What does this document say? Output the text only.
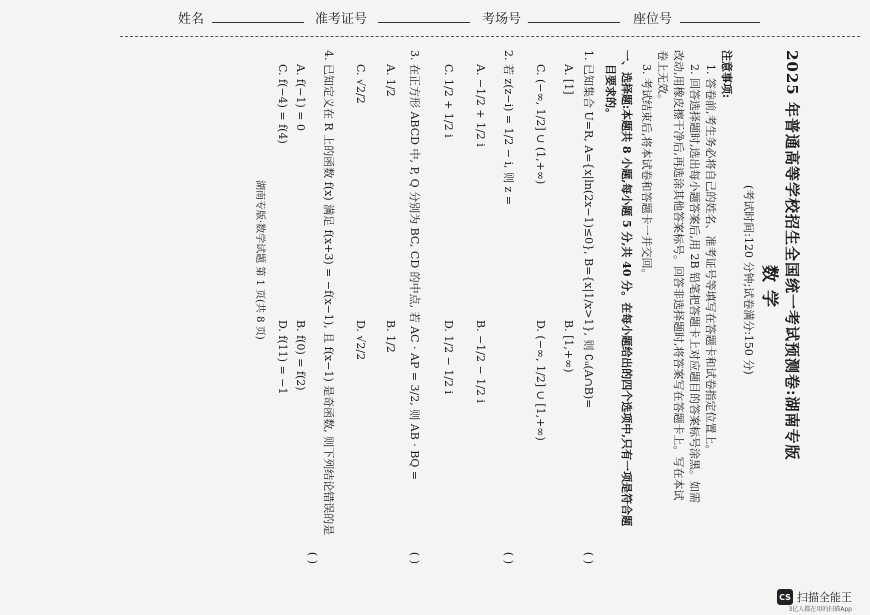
姓名	准考证号	考场号	座位号
2025 年普通高等学校招生全国统一考试预测卷:湖南专版
数学
(考试时间:120 分钟;试卷满分:150 分)
注意事项:
1. 答卷前,考生务必将自己的姓名、准考证号等填写在答题卡和试卷指定位置上。
2. 回答选择题时,选出每小题答案后,用 2B 铅笔把答题卡上对应题目的答案标号涂黑。如需
改动,用橡皮擦干净后,再选涂其他答案标号。回答非选择题时,将答案写在答题卡上。写在本试
卷上无效。
3. 考试结束后,将本试卷和答题卡一并交回。
一、选择题:本题共 8 小题,每小题 5 分,共 40 分。在每小题给出的四个选项中,只有一项是符合题
目要求的。
1. 已知集合 U=R, A={x|ln(2x−1)≤0}, B={x|1/x>1}, 则 ∁ᵤ(A∩B)=
( )
A. [1]
B. [1,+∞)
C. (−∞, 1/2] ∪ (1,+∞)
D. (−∞, 1/2] ∪ [1,+∞)
2. 若 z(z−i) = 1/2 − i, 则 z =
( )
A. −1/2 + 1/2 i
B. −1/2 − 1/2 i
C. 1/2 + 1/2 i
D. 1/2 − 1/2 i
3. 在正方形 ABCD 中, P, Q 分别为 BC, CD 的中点, 若 AC · AP = 3/2, 则 AB · BQ =
( )
A. 1/2
B. 1/2
C. √2/2
D. √2/2
4. 已知定义在 R 上的函数 f(x) 满足 f(x+3) = −f(x−1), 且 f(x−1) 是奇函数, 则下列结论错误的是
( )
A. f(−1) = 0
B. f(0) = f(2)
C. f(−4) = f(4)
D. f(11) = −1
湖南专版·数学试题 第 1 页(共 8 页)
CS 扫描全能王
3亿人都在用的扫描App
